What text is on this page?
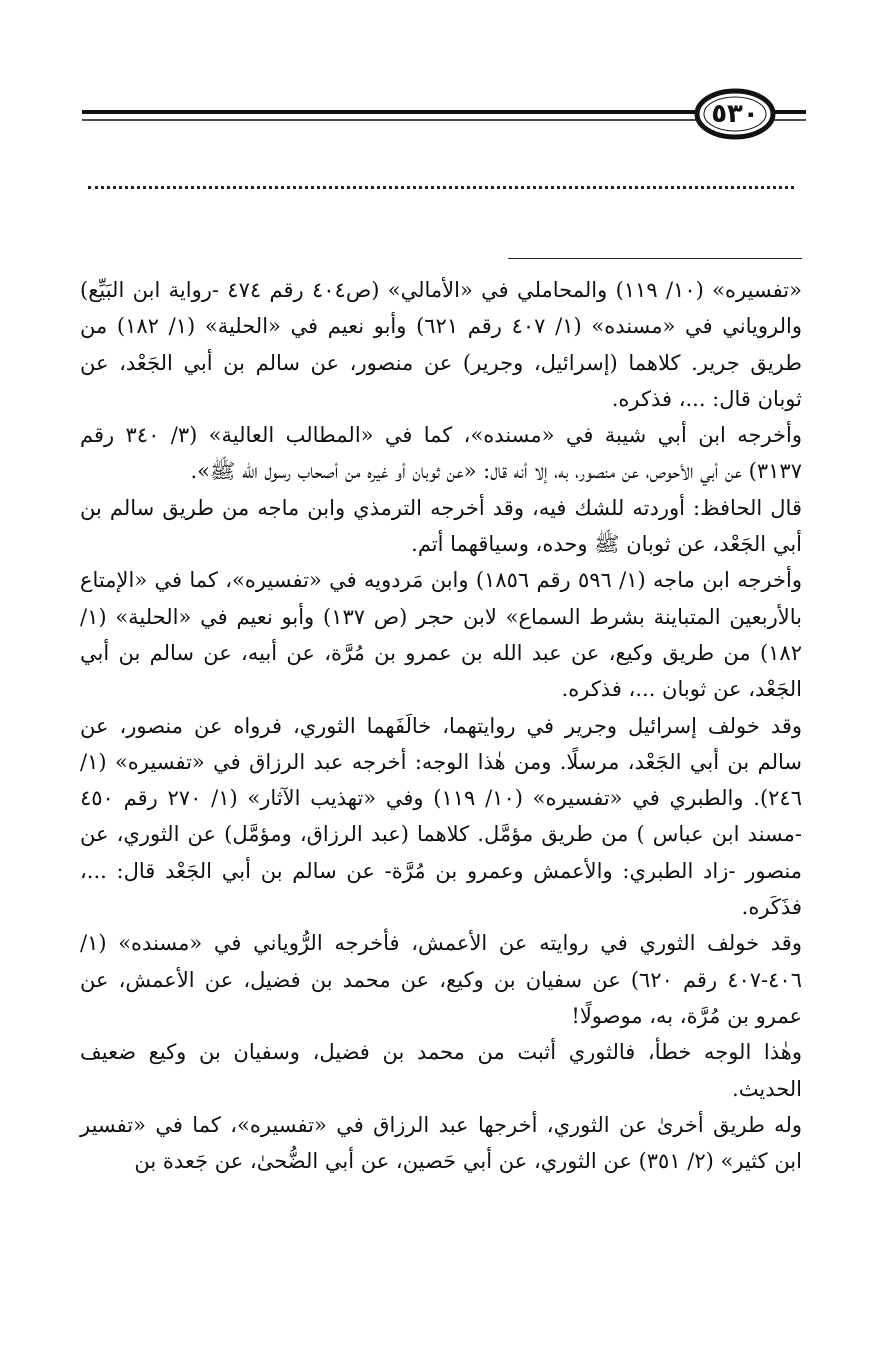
٥٣٠

«تفسيره» (١٠/ ١١٩) والمحاملي في «الأمالي» (ص٤٠٤ رقم ٤٧٤ -رواية ابن البَيِّع) والروياني في «مسنده» (١/ ٤٠٧ رقم ٦٢١) وأبو نعيم في «الحلية» (١/ ١٨٢) من طريق جرير. كلاهما (إسرائيل، وجرير) عن منصور، عن سالم بن أبي الجَعْد، عن ثوبان قال: ...، فذكره.

وأخرجه ابن أبي شيبة في «مسنده»، كما في «المطالب العالية» (٣/ ٣٤٠ رقم ٣١٣٧) عن أبي الأحوص، عن منصور، به، إلا أنه قال: «عن ثوبان أو غيره من أصحاب رسول الله ﷺ».

قال الحافظ: أوردته للشك فيه، وقد أخرجه الترمذي وابن ماجه من طريق سالم بن أبي الجَعْد، عن ثوبان ﷺ وحده، وسياقهما أتم.

وأخرجه ابن ماجه (١/ ٥٩٦ رقم ١٨٥٦) وابن مَردويه في «تفسيره»، كما في «الإمتاع بالأربعين المتباينة بشرط السماع» لابن حجر (ص ١٣٧) وأبو نعيم في «الحلية» (١/ ١٨٢) من طريق وكيع، عن عبد الله بن عمرو بن مُرَّة، عن أبيه، عن سالم بن أبي الجَعْد، عن ثوبان ...، فذكره.

وقد خولف إسرائيل وجرير في روايتهما، خالَفَهما الثوري، فرواه عن منصور، عن سالم بن أبي الجَعْد، مرسلًا. ومن هٰذا الوجه: أخرجه عبد الرزاق في «تفسيره» (١/ ٢٤٦). والطبري في «تفسيره» (١٠/ ١١٩) وفي «تهذيب الآثار» (١/ ٢٧٠ رقم ٤٥٠ -مسند ابن عباس ) من طريق مؤمَّل. كلاهما (عبد الرزاق، ومؤمَّل) عن الثوري، عن منصور -زاد الطبري: والأعمش وعمرو بن مُرَّة- عن سالم بن أبي الجَعْد قال: ...، فذَكَره.

وقد خولف الثوري في روايته عن الأعمش، فأخرجه الرُّوياني في «مسنده» (١/ ٤٠٦-٤٠٧ رقم ٦٢٠) عن سفيان بن وكيع، عن محمد بن فضيل، عن الأعمش، عن عمرو بن مُرَّة، به، موصولًا!

وهٰذا الوجه خطأ، فالثوري أثبت من محمد بن فضيل، وسفيان بن وكيع ضعيف الحديث.

وله طريق أخرىٰ عن الثوري، أخرجها عبد الرزاق في «تفسيره»، كما في «تفسير ابن كثير» (٢/ ٣٥١) عن الثوري، عن أبي حَصين، عن أبي الضُّحىٰ، عن جَعدة بن
